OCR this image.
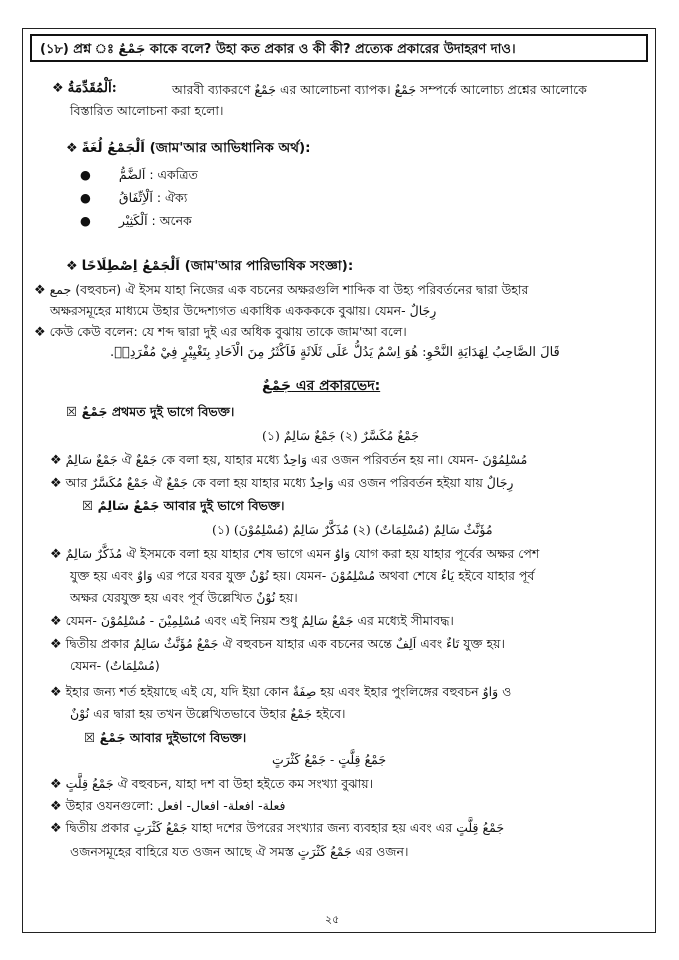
(১৮) প্রশ্ন ঃ جَمْعٌ কাকে বলে? উহা কত প্রকার ও কী কী? প্রত্যেক প্রকারের উদাহরণ দাও।
❖ اَلْمُقَدِّمَةُ:	আরবী ব্যাকরণে جَمْعٌ এর আলোচনা ব্যাপক। جَمْعٌ সম্পর্কে আলোচ্য প্রশ্নের আলোকে
বিস্তারিত আলোচনা করা হলো।
❖ اَلْجَمْعُ لُغَةً (জাম'আর আভিধানিক অর্থ):
● اَلضَّمُّ : একত্রিত
● اَلْاِتِّفَاقُ : ঐক্য
● اَلْكَثِيْر : অনেক
❖ اَلْجَمْعُ اِصْطِلَاحًا (জাম'আর পারিভাষিক সংজ্ঞা):
❖ جمع (বহুবচন) ঐ ইসম যাহা নিজের এক বচনের অক্ষরগুলি শাব্দিক বা উহ্য পরিবর্তনের দ্বারা উহার
অক্ষরসমূহের মাধ্যমে উহার উদ্দেশ্যগত একাধিক এককককে বুঝায়। যেমন- رِجَالٌ
❖ কেউ কেউ বলেন: যে শব্দ দ্বারা দুই এর অধিক বুঝায় তাকে জাম'আ বলে।
قَالَ الصَّاحِبُ لِهَدَايَةِ النَّحْوِ: هُوَ اِسْمٌ يَدُلُّ عَلَى ثَلَاثَةٍ فَاَكْثَرُ مِنَ الْاَحَادِ بِتَغْيِيْرٍ فِيْ مُفْرَدِهٖ.
جَمْعٌ এর প্রকারভেদ:
☒ جَمْعٌ প্রথমত দুই ভাগে বিভক্ত।
جَمْعٌ مُكَسَّرٌ (২) جَمْعٌ سَالِمٌ (১)
❖ جَمْعٌ سَالِمٌ ঐ جَمْعٌ কে বলা হয়, যাহার মধ্যে وَاحِدٌ এর ওজন পরিবর্তন হয় না। যেমন- مُسْلِمُوْنَ
❖ আর جَمْعٌ مُكَسَّرٌ ঐ جَمْعٌ কে বলা হয় যাহার মধ্যে وَاحِدٌ এর ওজন পরিবর্তন হইয়া যায় رِجَالٌ
☒ جَمْعٌ سَالِمٌ আবার দুই ভাগে বিভক্ত।
مُؤَنَّثٌ سَالِمٌ (مُسْلِمَاتٌ) (২) مُذَكَّرٌ سَالِمٌ (مُسْلِمُوْنَ) (১)
❖ مُذَكَّرٌ سَالِمٌ ঐ ইসমকে বলা হয় যাহার শেষ ভাগে এমন وَاوٌ যোগ করা হয় যাহার পূর্বের অক্ষর পেশ
যুক্ত হয় এবং وَاوٌ এর পরে যবর যুক্ত نُوْنٌ হয়। যেমন- مُسْلِمُوْنَ অথবা শেষে يَاءٌ হইবে যাহার পূর্ব
অক্ষর যেরযুক্ত হয় এবং পূর্ব উল্লেখিত نُوْنٌ হয়।
❖ যেমন- مُسْلِمِيْنَ - مُسْلِمُوْنَ এবং এই নিয়ম শুধু جَمْعٌ سَالِمٌ এর মধ্যেই সীমাবদ্ধ।
❖ দ্বিতীয় প্রকার جَمْعٌ مُؤَنَّثٌ سَالِمٌ ঐ বহুবচন যাহার এক বচনের অন্তে اَلِفٌ এবং تَاءٌ যুক্ত হয়।
যেমন- (مُسْلِمَاتٌ)
❖ ইহার জন্য শর্ত হইয়াছে এই যে, যদি ইয়া কোন صِفَةٌ হয় এবং ইহার পুংলিঙ্গের বহুবচন وَاوٌ ও
نُوْنٌ এর দ্বারা হয় তখন উল্লেখিতভাবে উহার جَمْعٌ হইবে।
☒ جَمْعٌ আবার দুইভাগে বিভক্ত।
جَمْعُ قِلَّتٍ - جَمْعُ كَثْرَتٍ
❖ جَمْعُ قِلَّتٍ ঐ বহুবচন, যাহা দশ বা উহা হইতে কম সংখ্যা বুঝায়।
❖ উহার ওযনগুলো: فعلة- افعلة- افعال- افعل
❖ দ্বিতীয় প্রকার جَمْعُ كَثْرَتٍ যাহা দশের উপরের সংখ্যার জন্য ব্যবহার হয় এবং এর جَمْعُ قِلَّتٍ
ওজনসমূহের বাহিরে যত ওজন আছে ঐ সমস্ত جَمْعُ كَثْرَتٍ এর ওজন।
২৫
